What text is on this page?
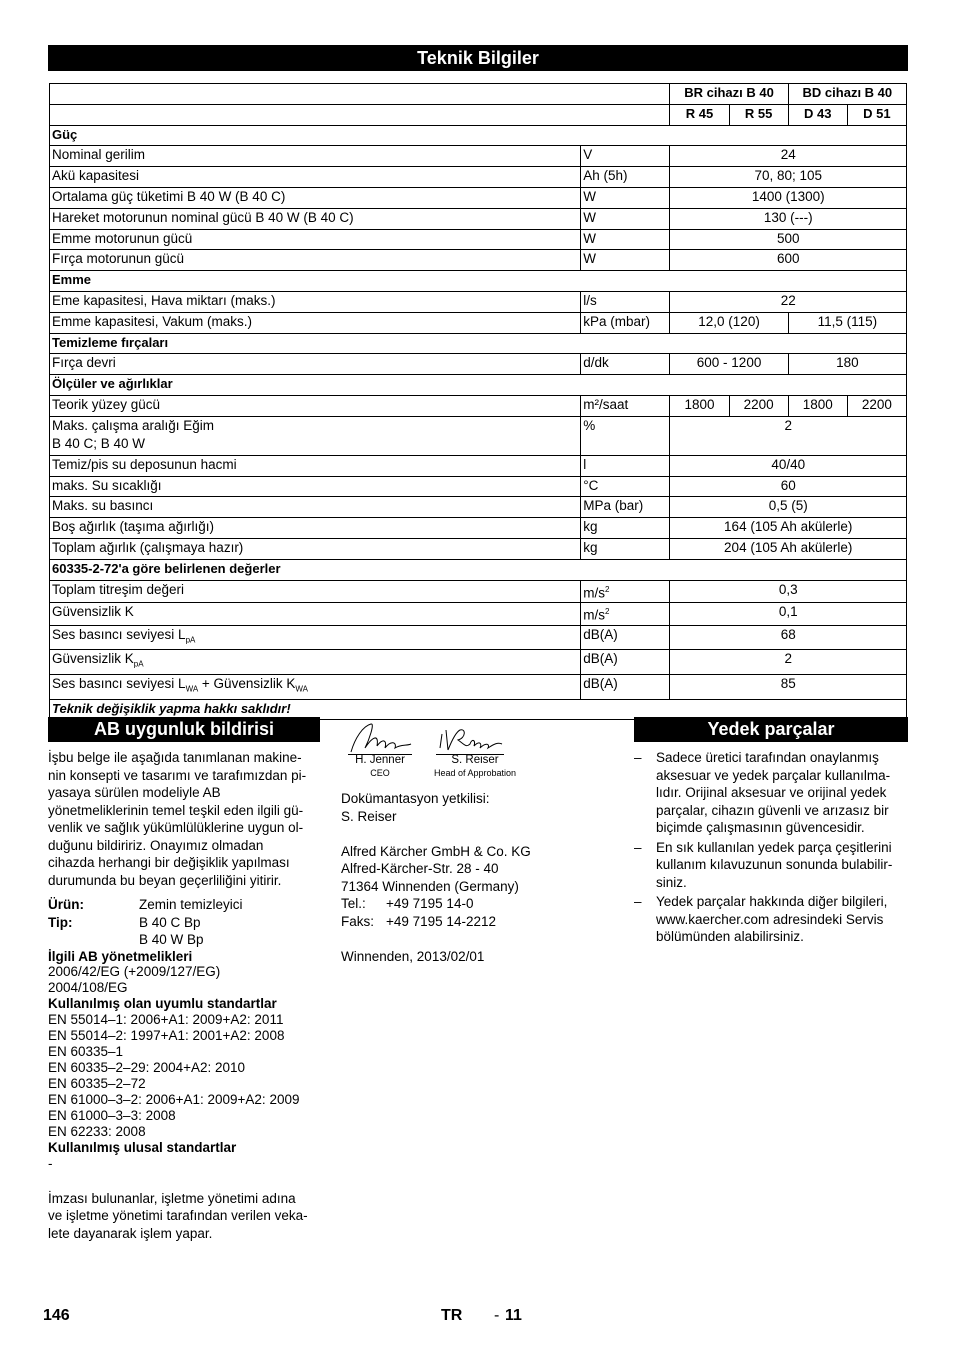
Teknik Bilgiler
		BR cihazı B 40		BD cihazı B 40	
		R 45	R 55	D 43	D 51
Güç					
Nominal gerilim	V	24			
Akü kapasitesi	Ah (5h)	70, 80; 105			
Ortalama güç tüketimi B 40 W (B 40 C)	W	1400 (1300)			
Hareket motorunun nominal gücü B 40 W (B 40 C)	W	130 (---)			
Emme motorunun gücü	W	500			
Fırça motorunun gücü	W	600			
Emme					
Eme kapasitesi, Hava miktarı (maks.)	l/s	22			
Emme kapasitesi, Vakum (maks.)	kPa (mbar)	12,0 (120)		11,5 (115)	
Temizleme fırçaları					
Fırça devri	d/dk	600 - 1200		180	
Ölçüler ve ağırlıklar					
Teorik yüzey gücü	m²/saat	1800	2200	1800	2200

Maks. çalışma aralığı Eğim
B 40 C; B 40 W	%	2			
Temiz/pis su deposunun hacmi	l	40/40			
maks. Su sıcaklığı	°C	60			
Maks. su basıncı	MPa (bar)	0,5 (5)			
Boş ağırlık (taşıma ağırlığı)	kg	164 (105 Ah akülerle)			
Toplam ağırlık (çalışmaya hazır)	kg	204 (105 Ah akülerle)			
60335-2-72'a göre belirlenen değerler					
Toplam titreşim değeri	$m/s^2$	0,3			
Güvensizlik K	$m/s^2$	0,1			
Ses basıncı seviyesi $L_{pA}$	dB(A)	68			
Güvensizlik $K_{pA}$	dB(A)	2			
Ses basıncı seviyesi $L_{WA}$ + Güvensizlik $K_{WA}$	dB(A)	85			
Teknik değişiklik yapma hakkı saklıdır!					
AB uygunluk bildirisi

İşbu belge ile aşağıda tanımlanan makine-

nin konsepti ve tasarımı ve tarafımızdan pi-

yasaya sürülen modeliyle AB

yönetmeliklerinin temel teşkil eden ilgili gü-

venlik ve sağlık yükümlülüklerine uygun ol-

duğunu bildiririz. Onayımız olmadan

cihazda herhangi bir değişiklik yapılması

durumunda bu beyan geçerliliğini yitirir.

Ürün:	Zemin temizleyici
Tip:	B 40 C Bp
B 40 W Bp

İlgili AB yönetmelikleri

2006/42/EG (+2009/127/EG)

2004/108/EG

Kullanılmış olan uyumlu standartlar

EN 55014–1: 2006+A1: 2009+A2: 2011

EN 55014–2: 1997+A1: 2001+A2: 2008

EN 60335–1

EN 60335–2–29: 2004+A2: 2010

EN 60335–2–72

EN 61000–3–2: 2006+A1: 2009+A2: 2009

EN 61000–3–3: 2008

EN 62233: 2008

Kullanılmış ulusal standartlar

-

İmzası bulunanlar, işletme yönetimi adına

ve işletme yönetimi tarafından verilen veka-

lete dayanarak işlem yapar.

H. Jenner
CEO
S. Reiser
Head of Approbation

Dokümantasyon yetkilisi:

S. Reiser

Alfred Kärcher GmbH & Co. KG

Alfred-Kärcher-Str. 28 - 40

71364 Winnenden (Germany)

Tel.:	+49 7195 14-0
Faks: +49 7195 14-2212

Winnenden, 2013/02/01

Yedek parçalar
–	Sadece üretici tarafından onaylanmış

aksesuar ve yedek parçalar kullanılma-

lıdır. Orijinal aksesuar ve orijinal yedek

parçalar, cihazın güvenli ve arızasız bir

biçimde çalışmasının güvencesidir.

–	En sık kullanılan yedek parça çeşitlerini

kullanım kılavuzunun sonunda bulabilir-

siniz.

–	Yedek parçalar hakkında diğer bilgileri,

www.kaercher.com adresindeki Servis

bölümünden alabilirsiniz.

146	TR - 11
